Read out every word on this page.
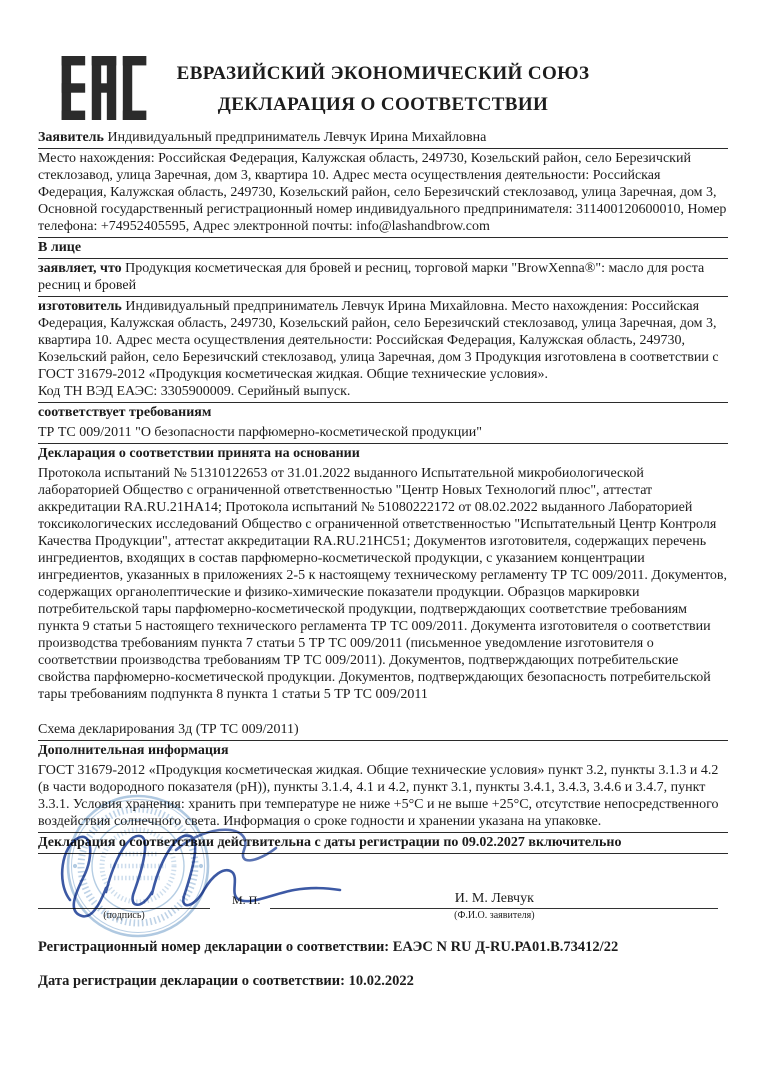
ЕВРАЗИЙСКИЙ ЭКОНОМИЧЕСКИЙ СОЮЗ
ДЕКЛАРАЦИЯ О СООТВЕТСТВИИ
Заявитель Индивидуальный предприниматель Левчук Ирина Михайловна
Место нахождения: Российская Федерация, Калужская область, 249730, Козельский район, село Березичский стеклозавод, улица Заречная, дом 3, квартира 10. Адрес места осуществления деятельности: Российская Федерация, Калужская область, 249730, Козельский район, село Березичский стеклозавод, улица Заречная, дом 3, Основной государственный регистрационный номер индивидуального предпринимателя: 311400120600010, Номер телефона: +74952405595, Адрес электронной почты: info@lashandbrow.com
В лице
заявляет, что Продукция косметическая для бровей и ресниц, торговой марки "BrowXenna®": масло для роста ресниц и бровей
изготовитель Индивидуальный предприниматель Левчук Ирина Михайловна. Место нахождения: Российская Федерация, Калужская область, 249730, Козельский район, село Березичский стеклозавод, улица Заречная, дом 3, квартира 10. Адрес места осуществления деятельности: Российская Федерация, Калужская область, 249730, Козельский район, село Березичский стеклозавод, улица Заречная, дом 3 Продукция изготовлена в соответствии с ГОСТ 31679-2012 «Продукция косметическая жидкая. Общие технические условия».
Код ТН ВЭД ЕАЭС: 3305900009. Серийный выпуск.
соответствует требованиям
ТР ТС 009/2011 "О безопасности парфюмерно-косметической продукции"
Декларация о соответствии принята на основании
Протокола испытаний № 51310122653 от 31.01.2022 выданного Испытательной микробиологической лабораторией Общество с ограниченной ответственностью "Центр Новых Технологий плюс", аттестат аккредитации RA.RU.21HA14; Протокола испытаний № 51080222172 от 08.02.2022 выданного Лабораторией токсикологических исследований Общество с ограниченной ответственностью "Испытательный Центр Контроля Качества Продукции", аттестат аккредитации RA.RU.21HC51; Документов изготовителя, содержащих перечень ингредиентов, входящих в состав парфюмерно-косметической продукции, с указанием концентрации ингредиентов, указанных в приложениях 2-5 к настоящему техническому регламенту ТР ТС 009/2011. Документов, содержащих органолептические и физико-химические показатели продукции. Образцов маркировки потребительской тары парфюмерно-косметической продукции, подтверждающих соответствие требованиям пункта 9 статьи 5 настоящего технического регламента ТР ТС 009/2011. Документа изготовителя о соответствии производства требованиям пункта 7 статьи 5 ТР ТС 009/2011 (письменное уведомление изготовителя о соответствии производства требованиям ТР ТС 009/2011). Документов, подтверждающих потребительские свойства парфюмерно-косметической продукции. Документов, подтверждающих безопасность потребительской тары требованиям подпункта 8 пункта 1 статьи 5 ТР ТС 009/2011
Схема декларирования 3д (ТР ТС 009/2011)
Дополнительная информация
ГОСТ 31679-2012 «Продукция косметическая жидкая. Общие технические условия» пункт 3.2, пункты 3.1.3 и 4.2 (в части водородного показателя (рН)), пункты 3.1.4, 4.1 и 4.2, пункт 3.1, пункты 3.4.1, 3.4.3, 3.4.6 и 3.4.7, пункт 3.3.1. Условия хранения: хранить при температуре не ниже +5°С и не выше +25°С, отсутствие непосредственного воздействия солнечного света. Информация о сроке годности и хранении указана на упаковке.
Декларация о соответствии действительна с даты регистрации по 09.02.2027 включительно
(подпись)
М. П.	И. М. Левчук
(Ф.И.О. заявителя)
Регистрационный номер декларации о соответствии: ЕАЭС N RU Д-RU.РА01.В.73412/22
Дата регистрации декларации о соответствии: 10.02.2022
